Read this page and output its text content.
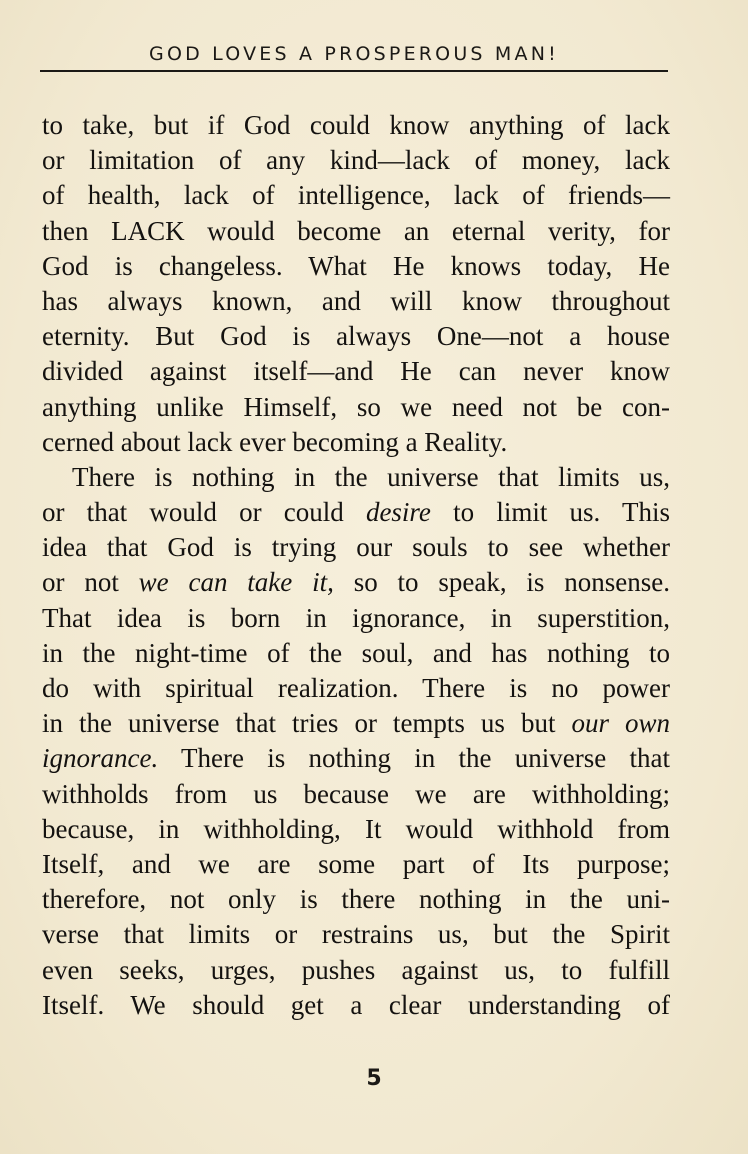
GOD LOVES A PROSPEROUS MAN!
to take, but if God could know anything of lack
or limitation of any kind—lack of money, lack
of health, lack of intelligence, lack of friends—
then LACK would become an eternal verity, for
God is changeless. What He knows today, He
has always known, and will know throughout
eternity. But God is always One—not a house
divided against itself—and He can never know
anything unlike Himself, so we need not be con-
cerned about lack ever becoming a Reality.
There is nothing in the universe that limits us,
or that would or could desire to limit us. This
idea that God is trying our souls to see whether
or not we can take it, so to speak, is nonsense.
That idea is born in ignorance, in superstition,
in the night-time of the soul, and has nothing to
do with spiritual realization. There is no power
in the universe that tries or tempts us but our own
ignorance. There is nothing in the universe that
withholds from us because we are withholding;
because, in withholding, It would withhold from
Itself, and we are some part of Its purpose;
therefore, not only is there nothing in the uni-
verse that limits or restrains us, but the Spirit
even seeks, urges, pushes against us, to fulfill
Itself. We should get a clear understanding of
5
